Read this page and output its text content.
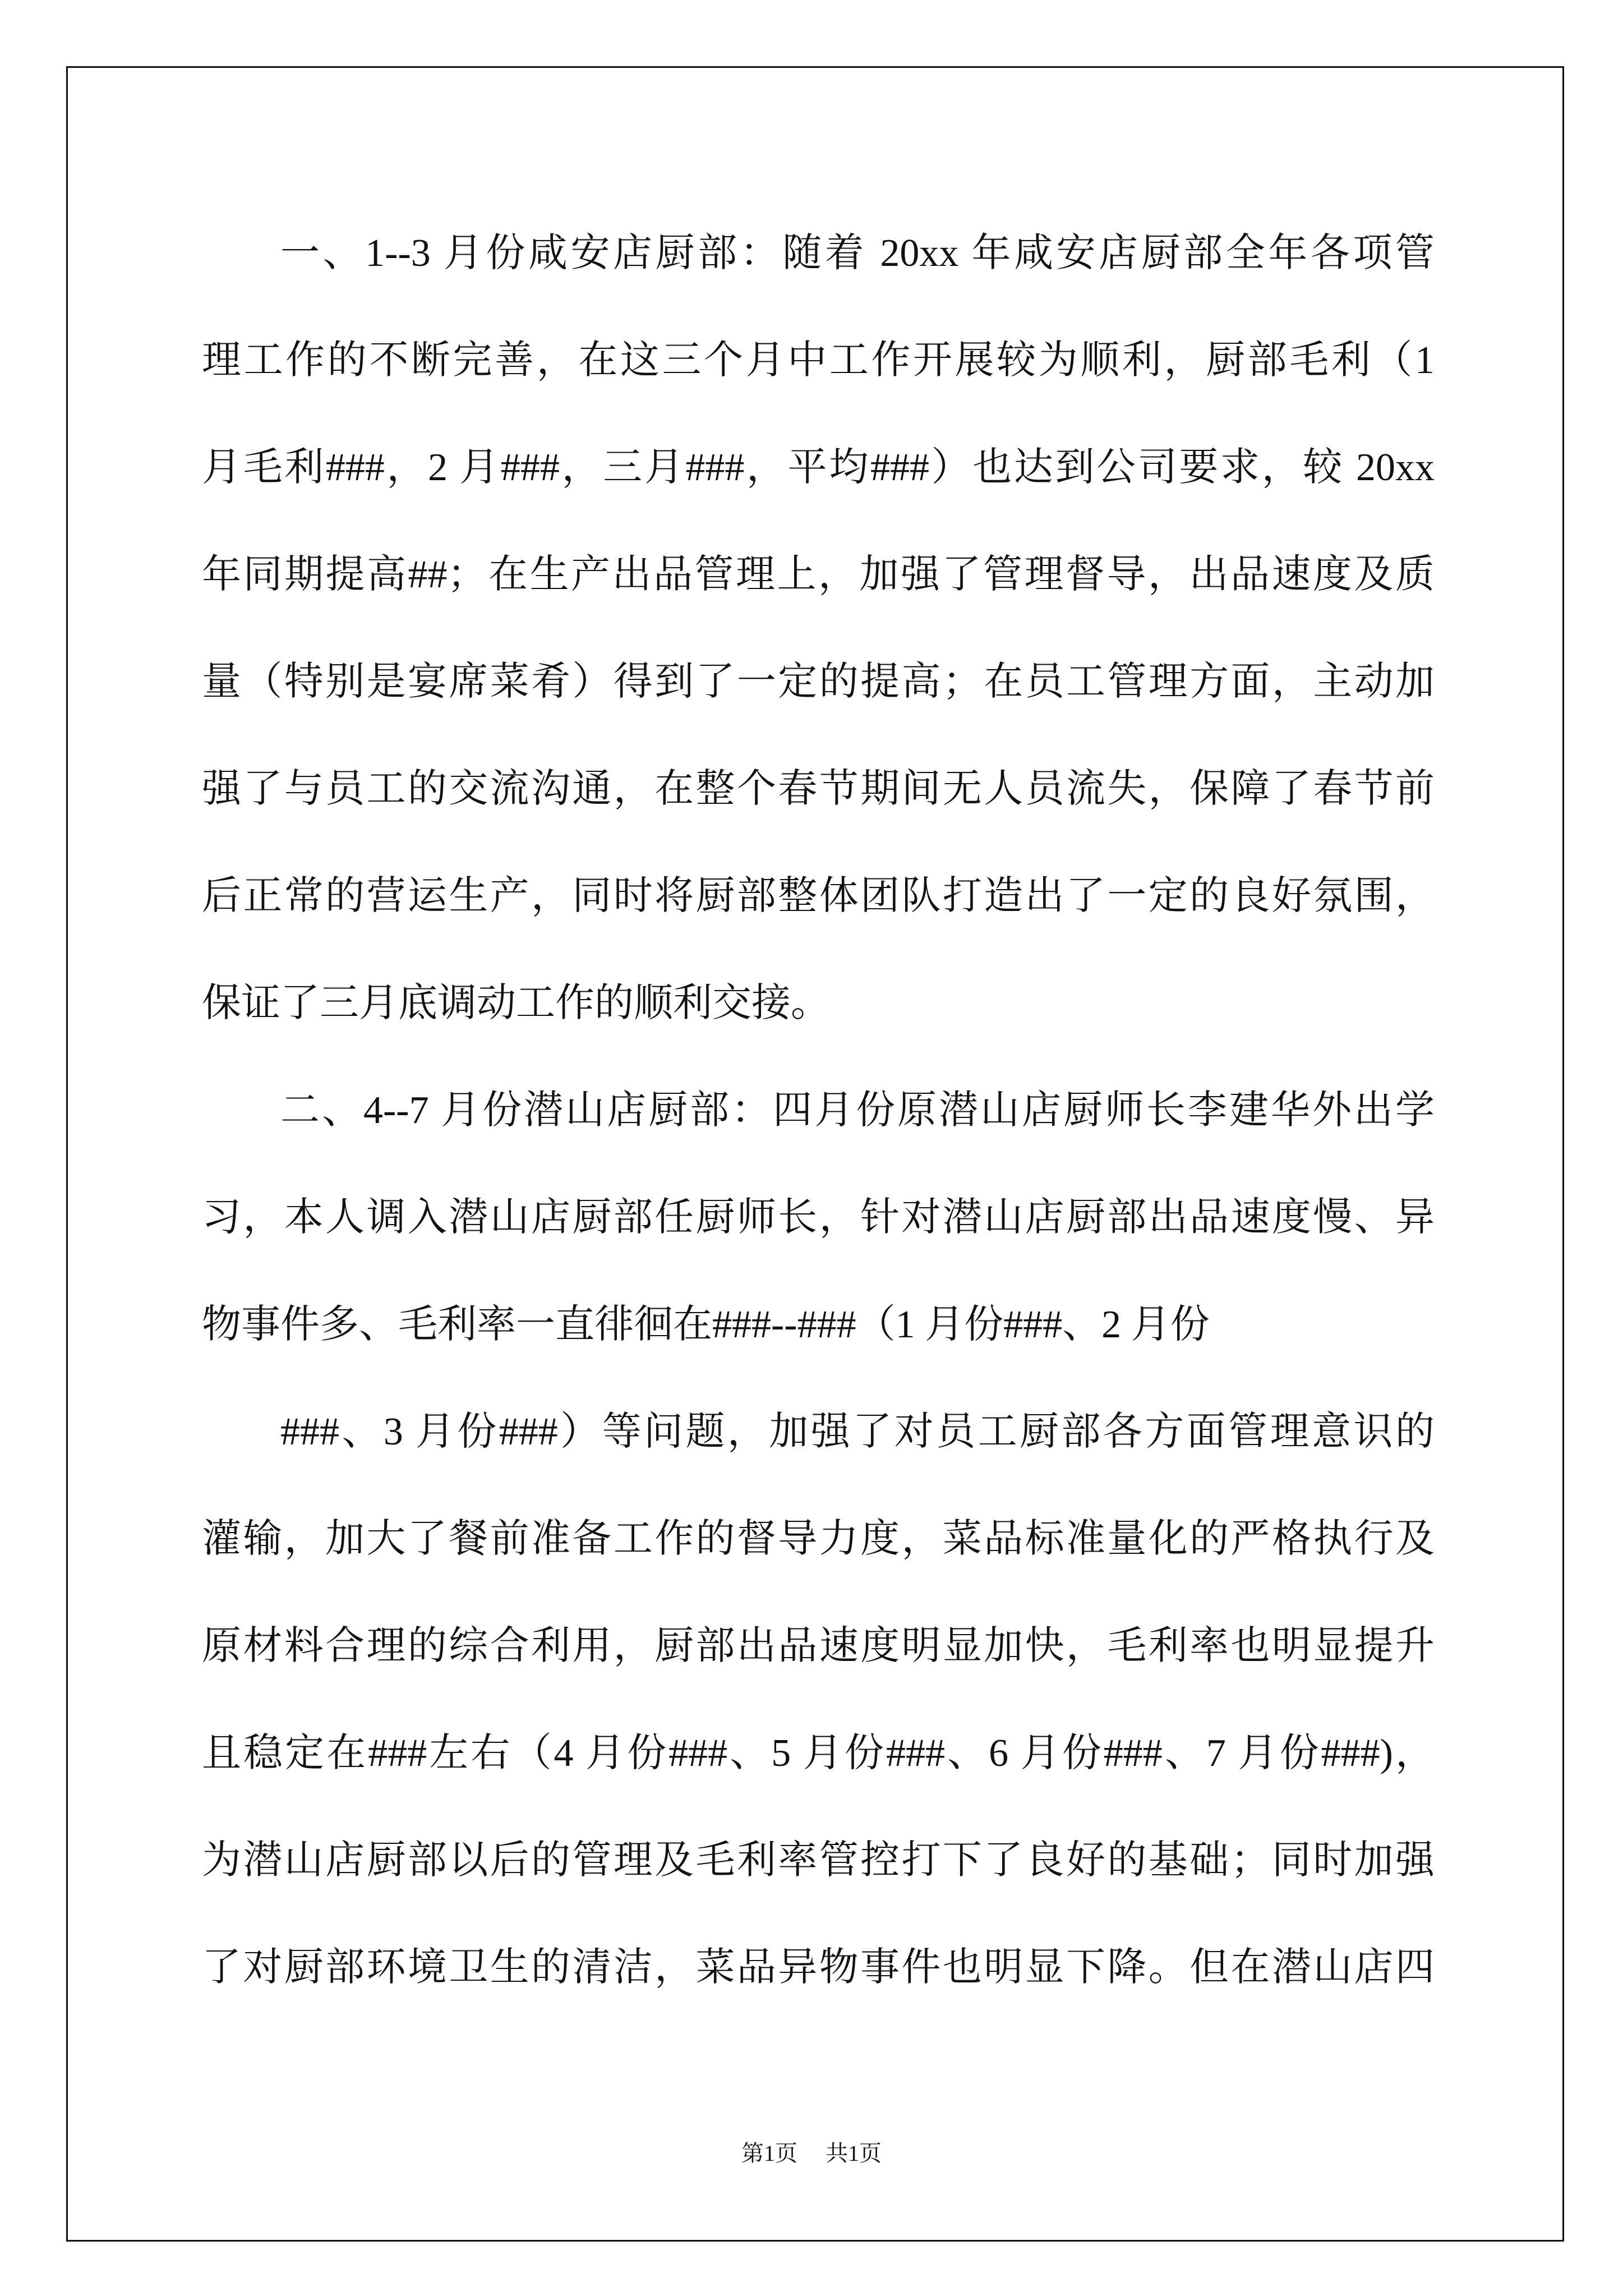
一、1--3 月份咸安店厨部：随着 20xx 年咸安店厨部全年各项管
理工作的不断完善，在这三个月中工作开展较为顺利，厨部毛利（1
月毛利###，2 月###，三月###，平均###）也达到公司要求，较 20xx
年同期提高##；在生产出品管理上，加强了管理督导，出品速度及质
量（特别是宴席菜肴）得到了一定的提高；在员工管理方面，主动加
强了与员工的交流沟通，在整个春节期间无人员流失，保障了春节前
后正常的营运生产，同时将厨部整体团队打造出了一定的良好氛围，
保证了三月底调动工作的顺利交接。
二、4--7 月份潜山店厨部：四月份原潜山店厨师长李建华外出学
习，本人调入潜山店厨部任厨师长，针对潜山店厨部出品速度慢、异
物事件多、毛利率一直徘徊在###--###（1 月份###、2 月份
###、3 月份###）等问题，加强了对员工厨部各方面管理意识的
灌输，加大了餐前准备工作的督导力度，菜品标准量化的严格执行及
原材料合理的综合利用，厨部出品速度明显加快，毛利率也明显提升
且稳定在###左右（4 月份###、5 月份###、6 月份###、7 月份###)，
为潜山店厨部以后的管理及毛利率管控打下了良好的基础；同时加强
了对厨部环境卫生的清洁，菜品异物事件也明显下降。但在潜山店四
第1页 共1页
